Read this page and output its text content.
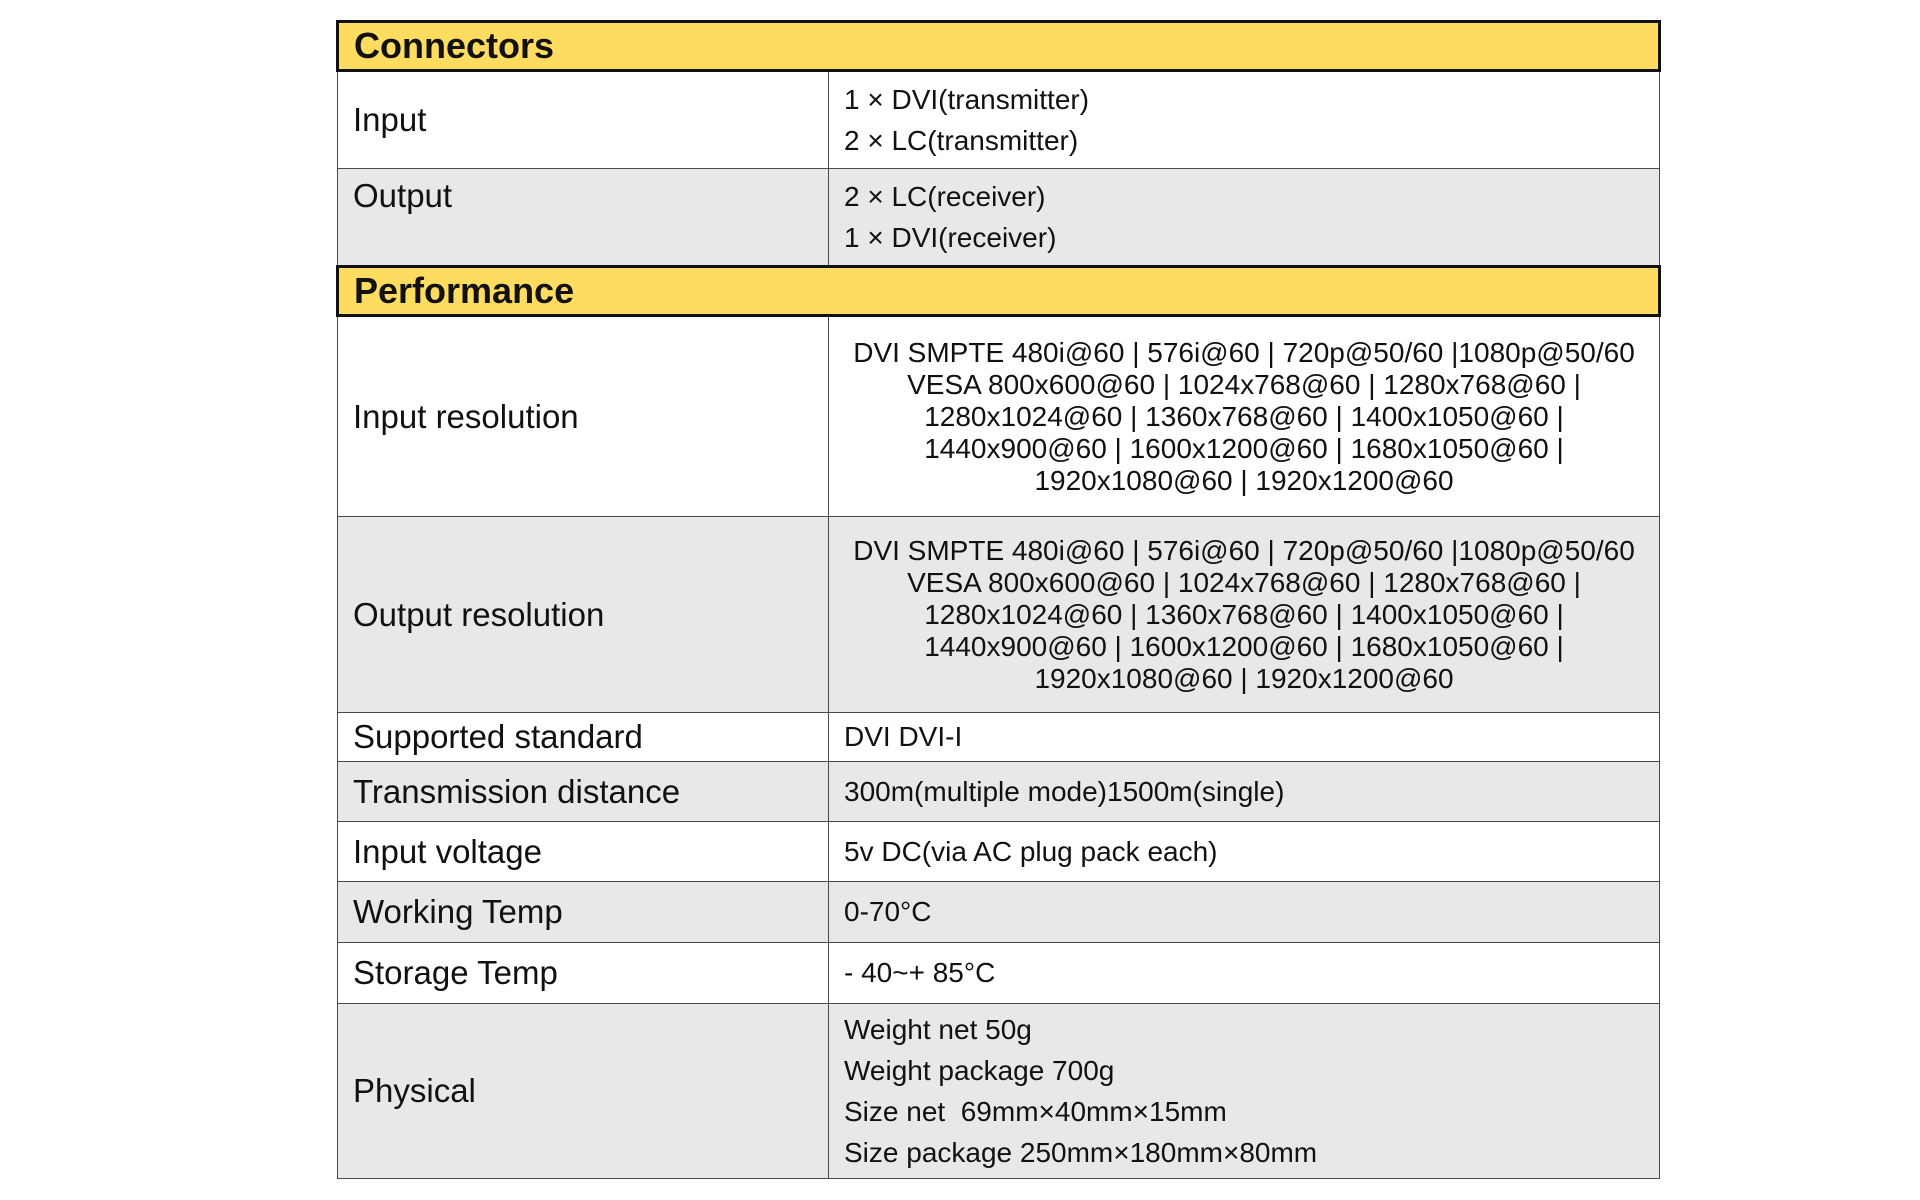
Connectors	
Input	1 × DVI(transmitter)
2 × LC(transmitter)

Output	2 × LC(receiver)
1 × DVI(receiver)

Performance	
Input resolution	DVI SMPTE 480i@60 | 576i@60 | 720p@50/60 |1080p@50/60 VESA 800x600@60 | 1024x768@60 | 1280x768@60 | 1280x1024@60 | 1360x768@60 | 1400x1050@60 | 1440x900@60 | 1600x1200@60 | 1680x1050@60 | 1920x1080@60 | 1920x1200@60
Output resolution	DVI SMPTE 480i@60 | 576i@60 | 720p@50/60 |1080p@50/60 VESA 800x600@60 | 1024x768@60 | 1280x768@60 | 1280x1024@60 | 1360x768@60 | 1400x1050@60 | 1440x900@60 | 1600x1200@60 | 1680x1050@60 | 1920x1080@60 | 1920x1200@60
Supported standard	DVI DVI-I
Transmission distance	300m(multiple mode)1500m(single)
Input voltage	5v DC(via AC plug pack each)
Working Temp	0-70°C
Storage Temp	- 40~+ 85°C
Physical	Weight net 50g
Weight package 700g
Size net  69mm×40mm×15mm
Size package 250mm×180mm×80mm
